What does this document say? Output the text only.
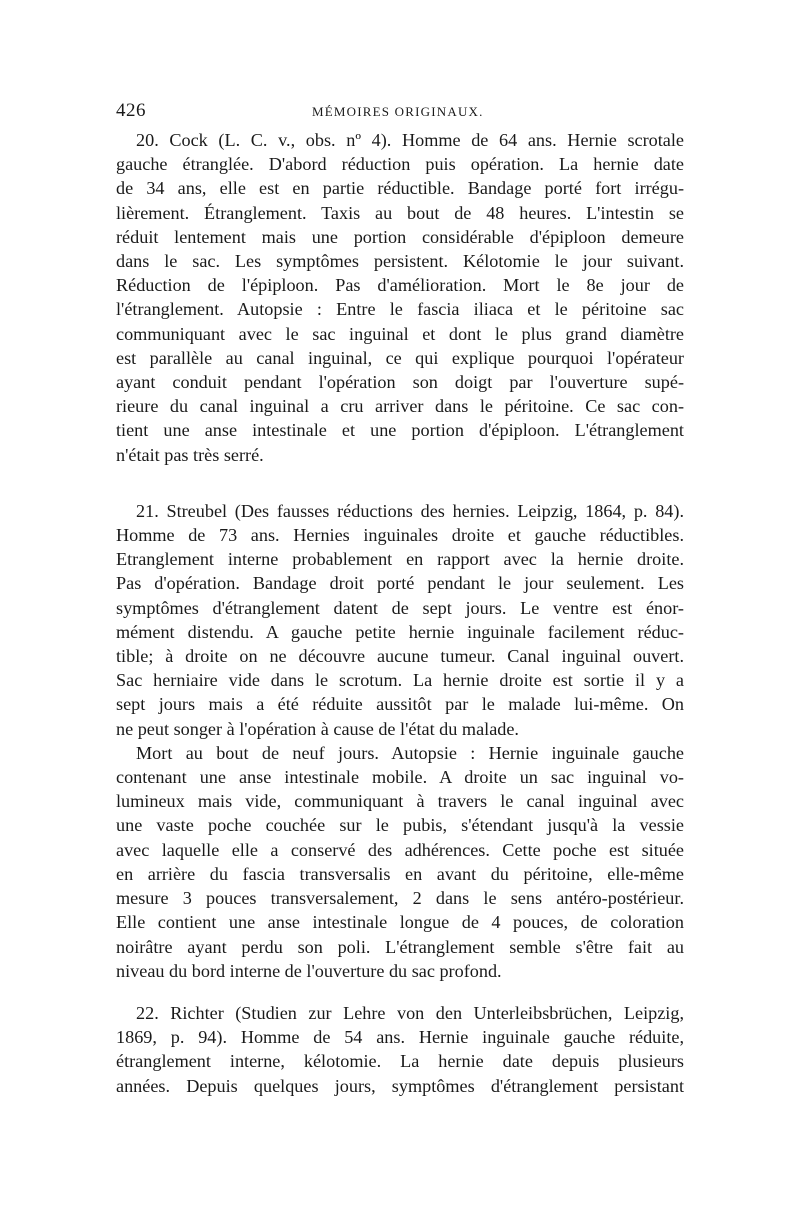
426	MÉMOIRES ORIGINAUX.
20. Cock (L. C. v., obs. nº 4). Homme de 64 ans. Hernie scrotale
gauche étranglée. D'abord réduction puis opération. La hernie date
de 34 ans, elle est en partie réductible. Bandage porté fort irrégu-
lièrement. Étranglement. Taxis au bout de 48 heures. L'intestin se
réduit lentement mais une portion considérable d'épiploon demeure
dans le sac. Les symptômes persistent. Kélotomie le jour suivant.
Réduction de l'épiploon. Pas d'amélioration. Mort le 8e jour de
l'étranglement. Autopsie : Entre le fascia iliaca et le péritoine sac
communiquant avec le sac inguinal et dont le plus grand diamètre
est parallèle au canal inguinal, ce qui explique pourquoi l'opérateur
ayant conduit pendant l'opération son doigt par l'ouverture supé-
rieure du canal inguinal a cru arriver dans le péritoine. Ce sac con-
tient une anse intestinale et une portion d'épiploon. L'étranglement
n'était pas très serré.
21. Streubel (Des fausses réductions des hernies. Leipzig, 1864, p. 84).
Homme de 73 ans. Hernies inguinales droite et gauche réductibles.
Etranglement interne probablement en rapport avec la hernie droite.
Pas d'opération. Bandage droit porté pendant le jour seulement. Les
symptômes d'étranglement datent de sept jours. Le ventre est énor-
mément distendu. A gauche petite hernie inguinale facilement réduc-
tible; à droite on ne découvre aucune tumeur. Canal inguinal ouvert.
Sac herniaire vide dans le scrotum. La hernie droite est sortie il y a
sept jours mais a été réduite aussitôt par le malade lui-même. On
ne peut songer à l'opération à cause de l'état du malade.
Mort au bout de neuf jours. Autopsie : Hernie inguinale gauche
contenant une anse intestinale mobile. A droite un sac inguinal vo-
lumineux mais vide, communiquant à travers le canal inguinal avec
une vaste poche couchée sur le pubis, s'étendant jusqu'à la vessie
avec laquelle elle a conservé des adhérences. Cette poche est située
en arrière du fascia transversalis en avant du péritoine, elle-même
mesure 3 pouces transversalement, 2 dans le sens antéro-postérieur.
Elle contient une anse intestinale longue de 4 pouces, de coloration
noirâtre ayant perdu son poli. L'étranglement semble s'être fait au
niveau du bord interne de l'ouverture du sac profond.
22. Richter (Studien zur Lehre von den Unterleibsbrüchen, Leipzig,
1869, p. 94). Homme de 54 ans. Hernie inguinale gauche réduite,
étranglement interne, kélotomie. La hernie date depuis plusieurs
années. Depuis quelques jours, symptômes d'étranglement persistant
